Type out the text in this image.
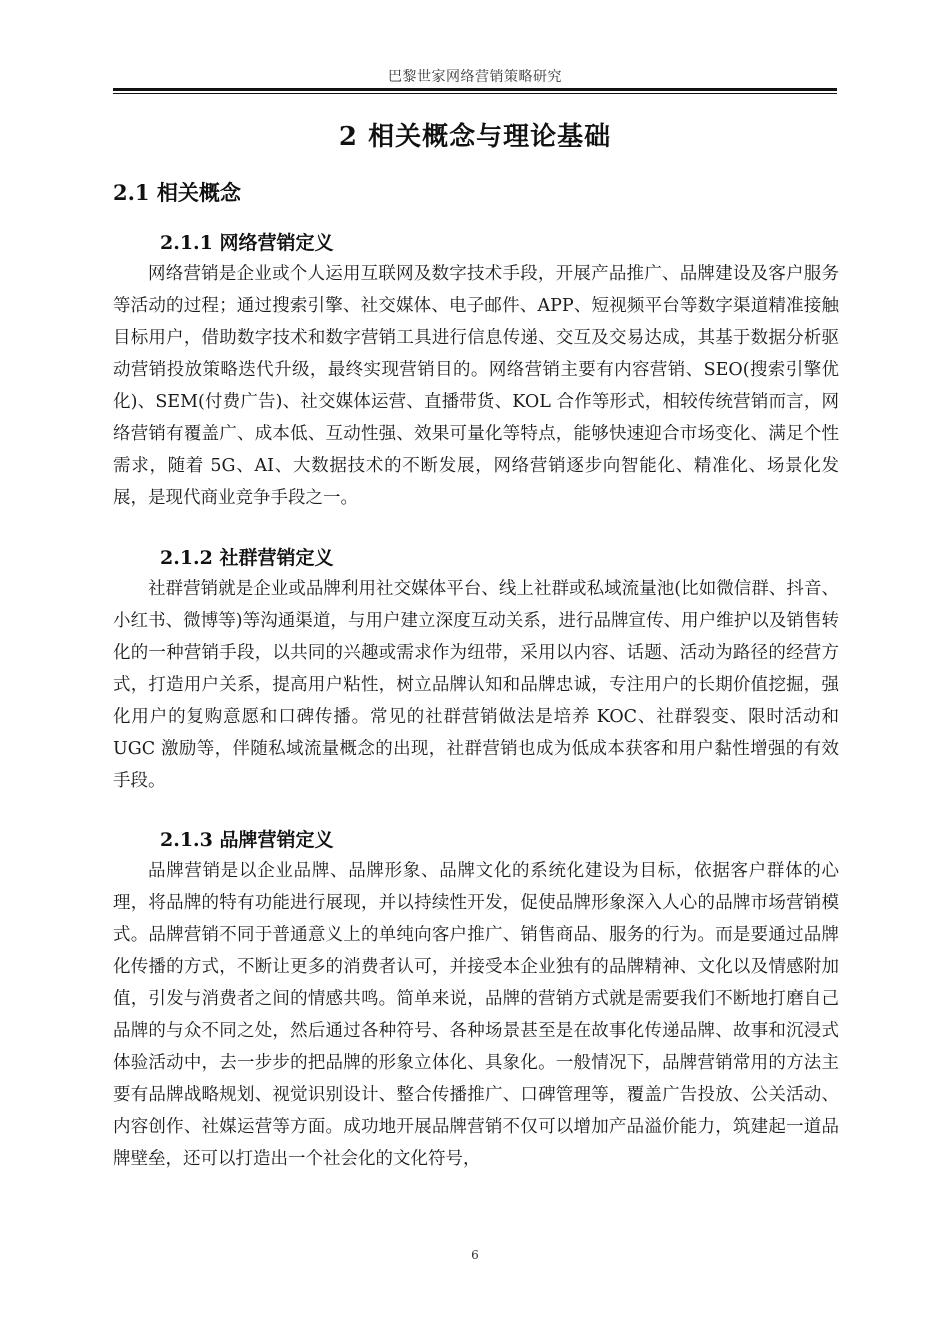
巴黎世家网络营销策略研究
2 相关概念与理论基础
2.1 相关概念
2.1.1 网络营销定义

网络营销是企业或个人运用互联网及数字技术手段，开展产品推广、品牌建设及客户服务等活动的过程；通过搜索引擎、社交媒体、电子邮件、APP、短视频平台等数字渠道精准接触目标用户，借助数字技术和数字营销工具进行信息传递、交互及交易达成，其基于数据分析驱动营销投放策略迭代升级，最终实现营销目的。网络营销主要有内容营销、SEO(搜索引擎优化)、SEM(付费广告)、社交媒体运营、直播带货、KOL 合作等形式，相较传统营销而言，网络营销有覆盖广、成本低、互动性强、效果可量化等特点，能够快速迎合市场变化、满足个性需求，随着 5G、AI、大数据技术的不断发展，网络营销逐步向智能化、精准化、场景化发展，是现代商业竞争手段之一。

2.1.2 社群营销定义

社群营销就是企业或品牌利用社交媒体平台、线上社群或私域流量池(比如微信群、抖音、小红书、微博等)等沟通渠道，与用户建立深度互动关系，进行品牌宣传、用户维护以及销售转化的一种营销手段，以共同的兴趣或需求作为纽带，采用以内容、话题、活动为路径的经营方式，打造用户关系，提高用户粘性，树立品牌认知和品牌忠诚，专注用户的长期价值挖掘，强化用户的复购意愿和口碑传播。常见的社群营销做法是培养 KOC、社群裂变、限时活动和 UGC 激励等，伴随私域流量概念的出现，社群营销也成为低成本获客和用户黏性增强的有效手段。

2.1.3 品牌营销定义

品牌营销是以企业品牌、品牌形象、品牌文化的系统化建设为目标，依据客户群体的心理，将品牌的特有功能进行展现，并以持续性开发，促使品牌形象深入人心的品牌市场营销模式。品牌营销不同于普通意义上的单纯向客户推广、销售商品、服务的行为。而是要通过品牌化传播的方式，不断让更多的消费者认可，并接受本企业独有的品牌精神、文化以及情感附加值，引发与消费者之间的情感共鸣。简单来说，品牌的营销方式就是需要我们不断地打磨自己品牌的与众不同之处，然后通过各种符号、各种场景甚至是在故事化传递品牌、故事和沉浸式体验活动中，去一步步的把品牌的形象立体化、具象化。一般情况下，品牌营销常用的方法主要有品牌战略规划、视觉识别设计、整合传播推广、口碑管理等，覆盖广告投放、公关活动、内容创作、社媒运营等方面。成功地开展品牌营销不仅可以增加产品溢价能力，筑建起一道品牌壁垒，还可以打造出一个社会化的文化符号，

6
